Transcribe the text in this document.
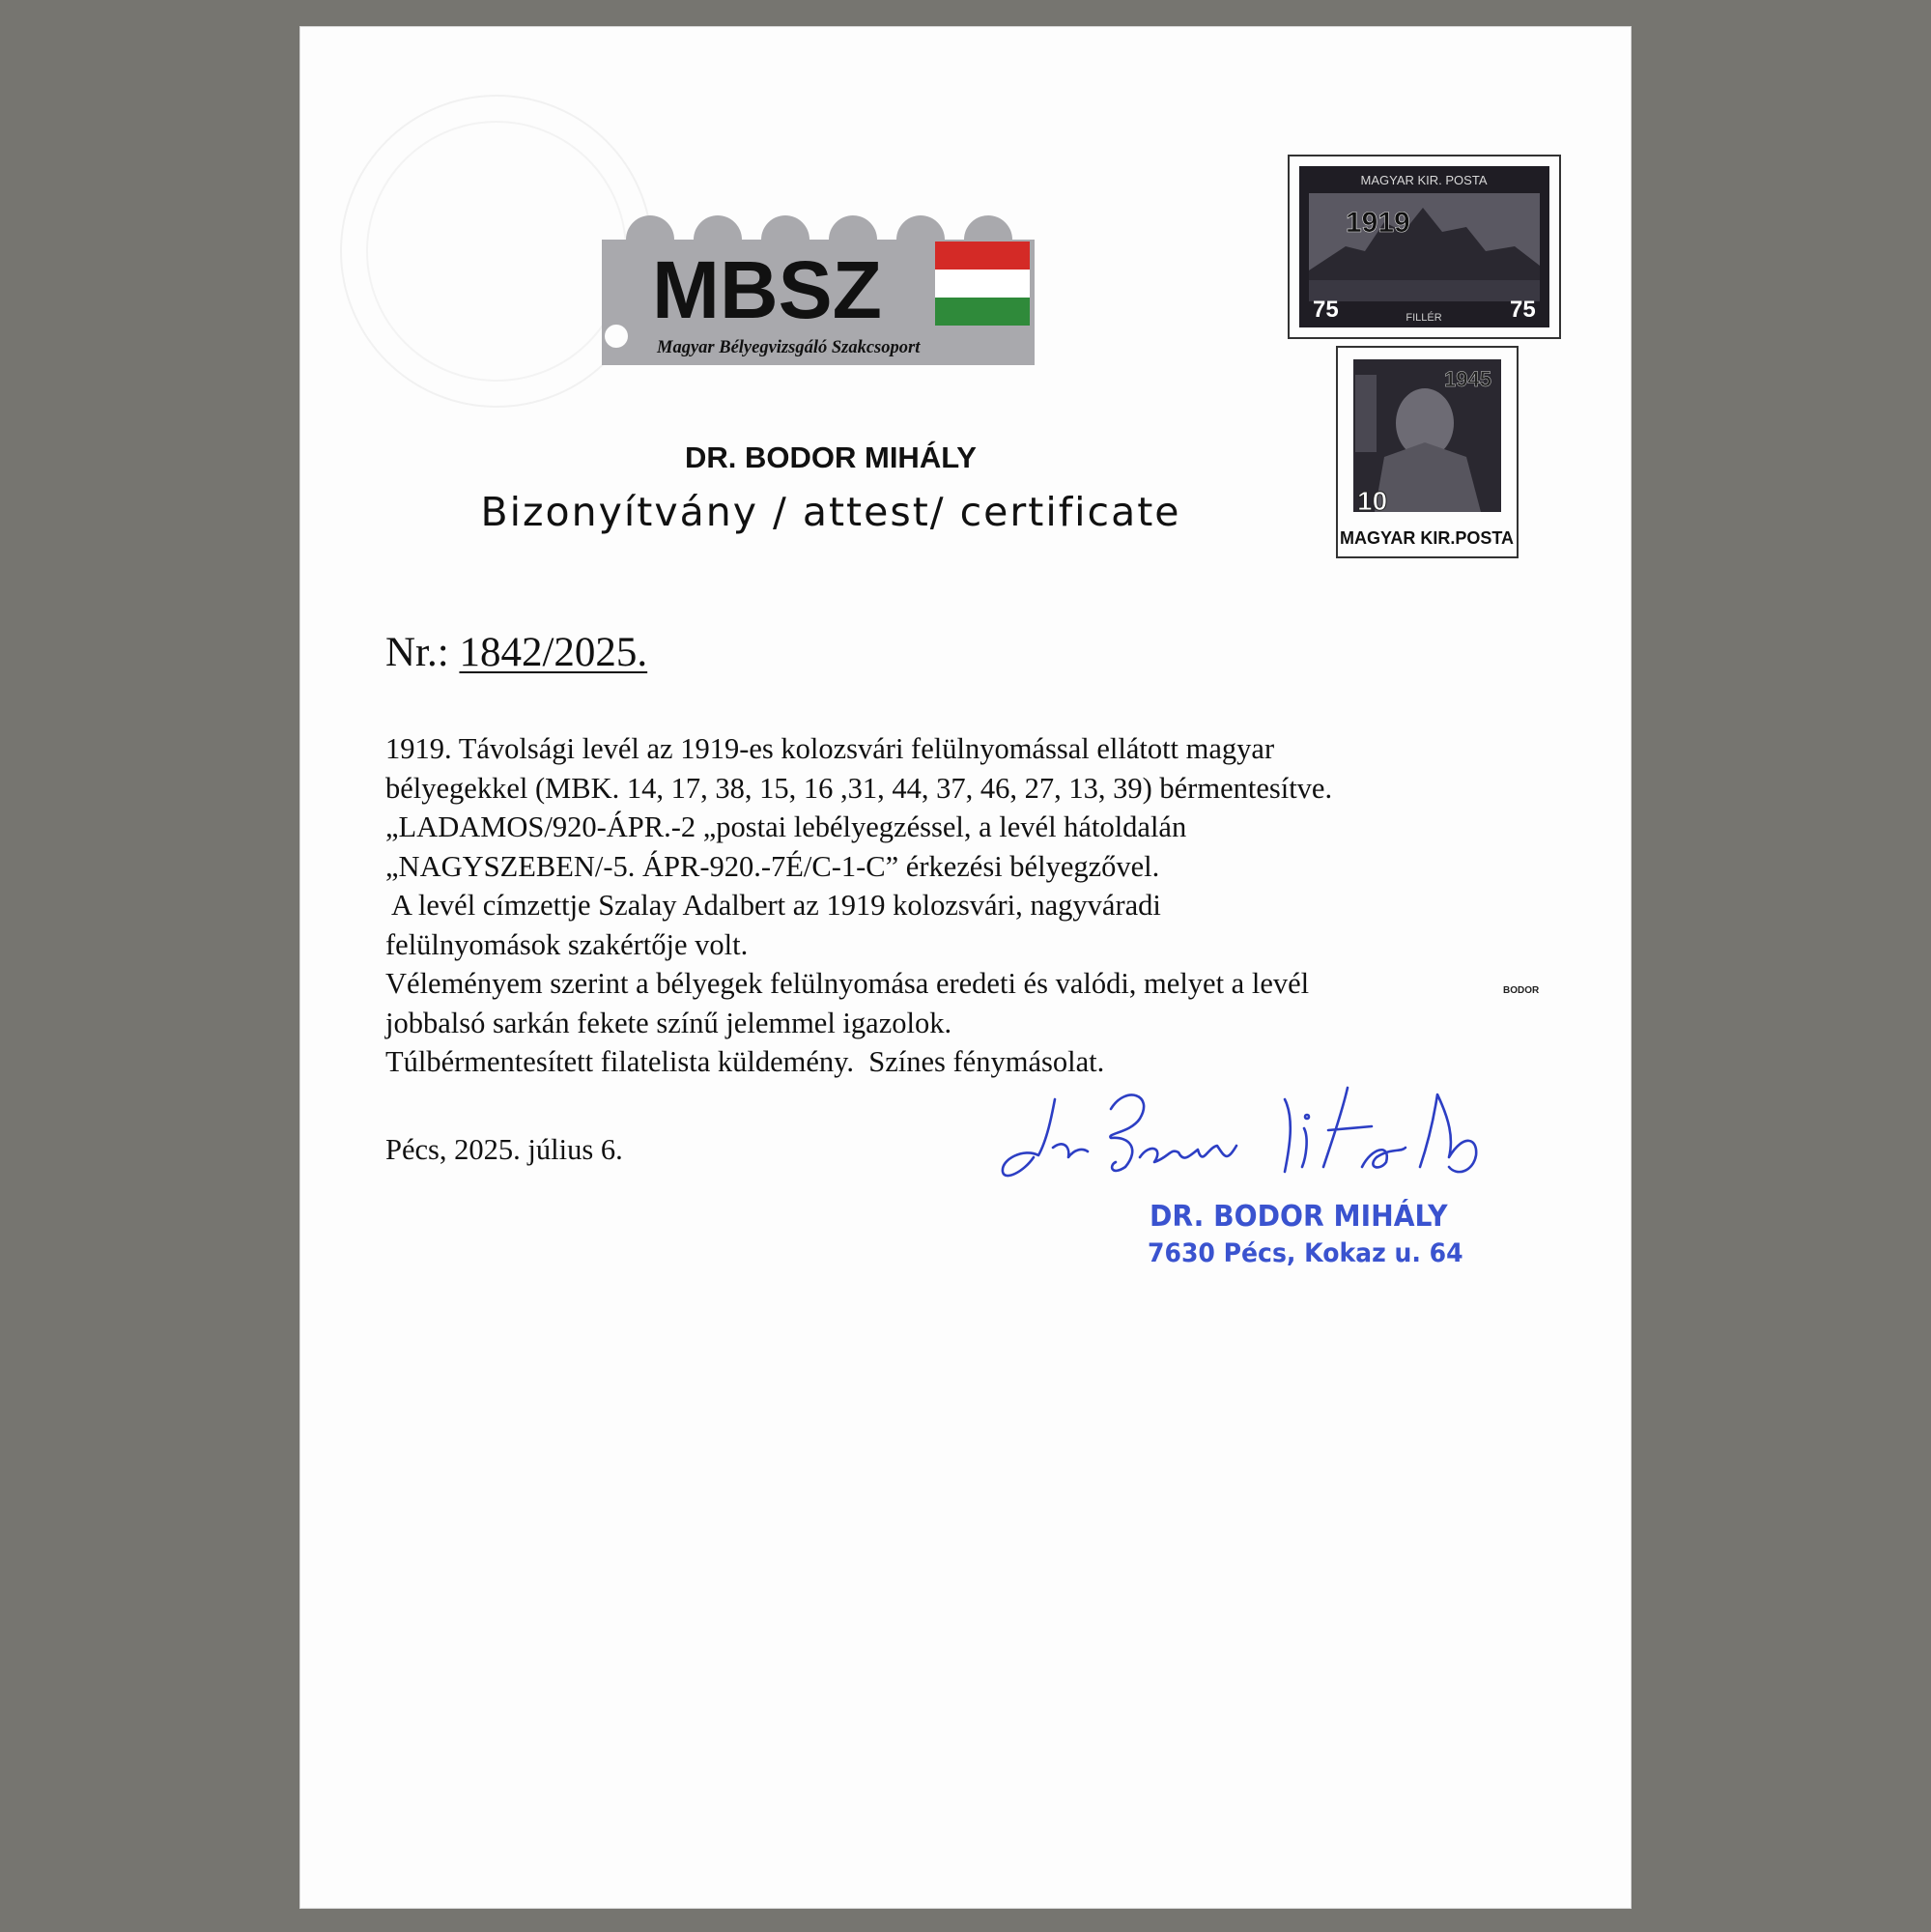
MBSZ
Magyar Bélyegvizsgáló Szakcsoport
DR. BODOR MIHÁLY
Bizonyítvány / attest/ certificate
MAGYAR KIR. POSTA
1919
75	75
FILLÉR
1945
10
MAGYAR KIR.POSTA
Nr.: 1842/2025.
1919. Távolsági levél az 1919-es kolozsvári felülnyomással ellátott magyar
bélyegekkel (MBK. 14, 17, 38, 15, 16 ,31, 44, 37, 46, 27, 13, 39) bérmentesítve.
„LADAMOS/920-ÁPR.-2 „postai lebélyegzéssel, a levél hátoldalán
„NAGYSZEBEN/-5. ÁPR-920.-7É/C-1-C” érkezési bélyegzővel.
A levél címzettje Szalay Adalbert az 1919 kolozsvári, nagyváradi
felülnyomások szakértője volt.
Véleményem szerint a bélyegek felülnyomása eredeti és valódi, melyet a levél
jobbalsó sarkán fekete színű jelemmel igazolok.
Túlbérmentesített filatelista küldemény.  Színes fénymásolat.
BODOR
Pécs, 2025. július 6.
DR. BODOR MIHÁLY
7630 Pécs, Kokaz u. 64
